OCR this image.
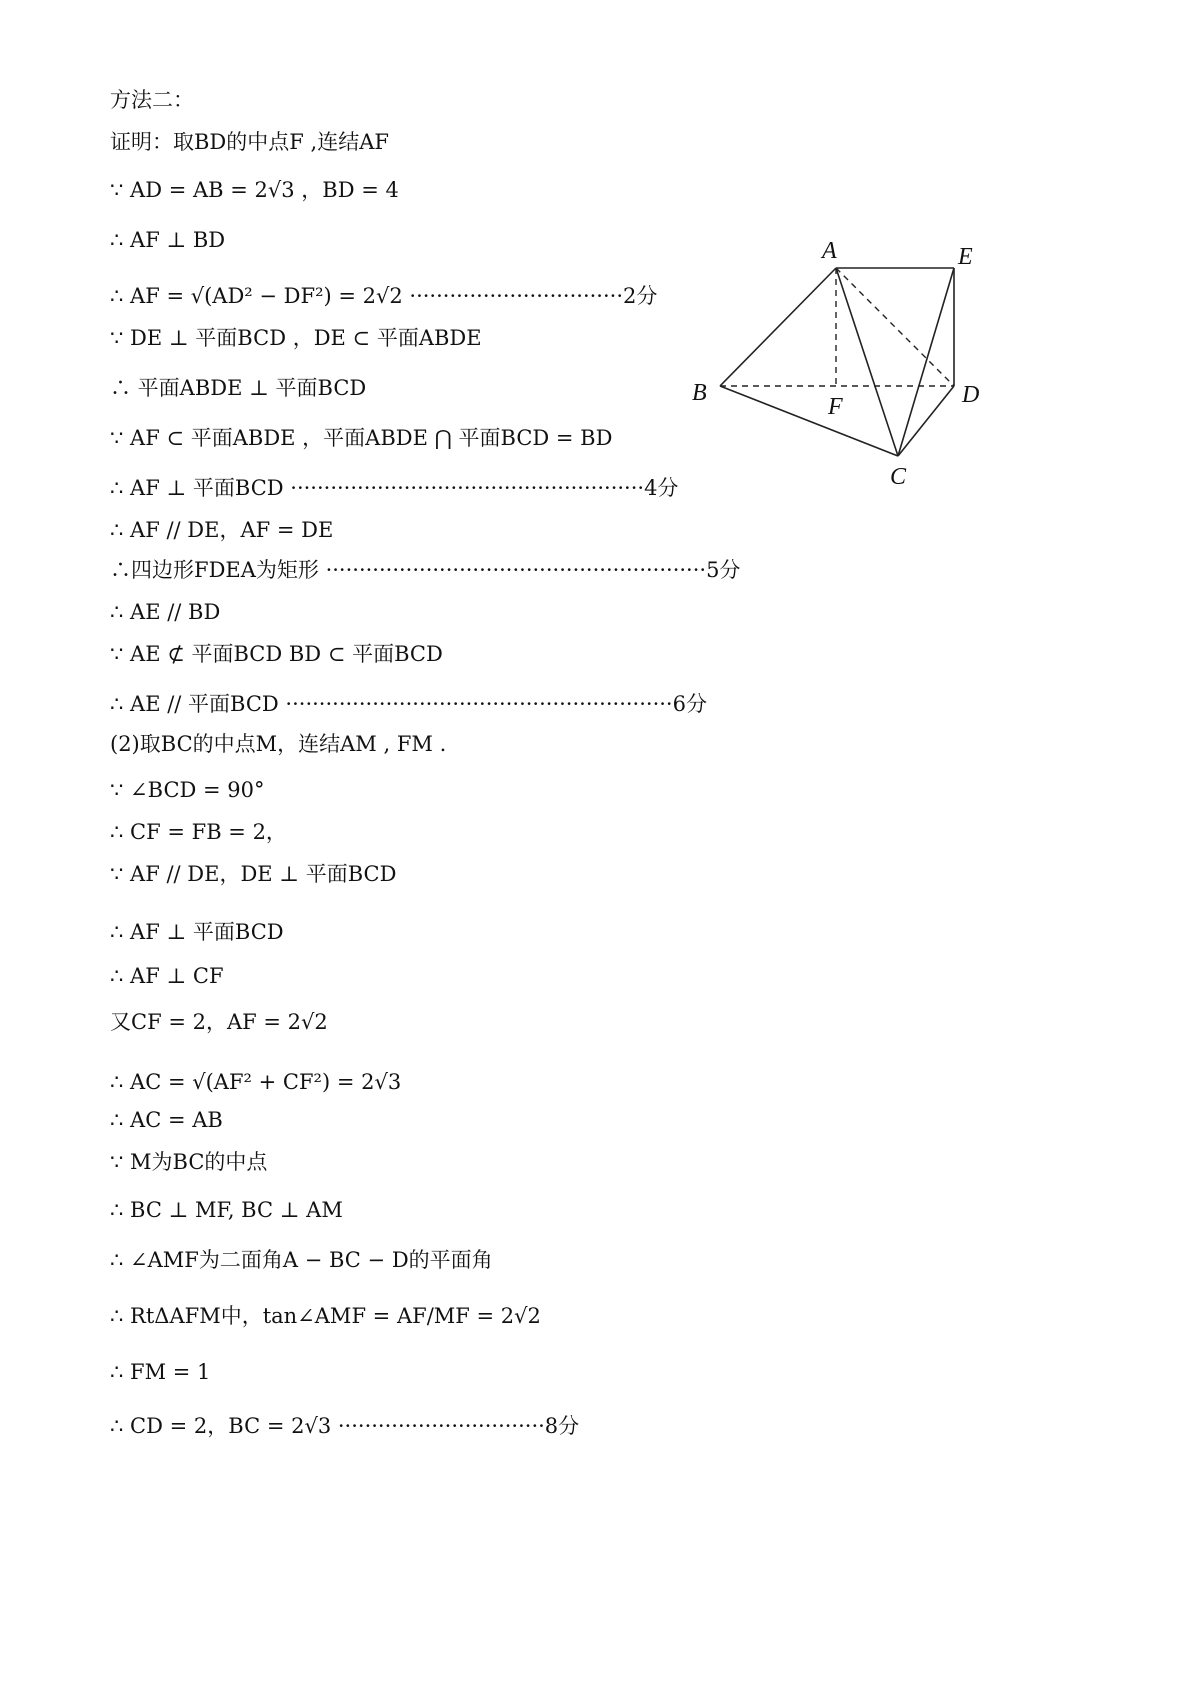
方法二：
证明：取BD的中点F ,连结AF
∵ AD = AB = 2√3 ，BD = 4
∴ AF ⊥ BD
∴ AF = √(AD² − DF²) = 2√2 ································2分
∵ DE ⊥ 平面BCD ，DE ⊂ 平面ABDE
∴ 平面ABDE ⊥ 平面BCD
∵ AF ⊂ 平面ABDE ，平面ABDE ⋂ 平面BCD = BD
∴ AF ⊥ 平面BCD ·····················································4分
∴ AF // DE，AF = DE
∴四边形FDEA为矩形 ·························································5分
∴ AE // BD
∵ AE ⊄ 平面BCD BD ⊂ 平面BCD
∴ AE // 平面BCD ··························································6分
(2)取BC的中点M，连结AM , FM .
∵ ∠BCD = 90°
∴ CF = FB = 2，
∵ AF // DE，DE ⊥ 平面BCD
∴ AF ⊥ 平面BCD
∴ AF ⊥ CF
又CF = 2，AF = 2√2
∴ AC = √(AF² + CF²) = 2√3
∴ AC = AB
∵ M为BC的中点
∴ BC ⊥ MF, BC ⊥ AM
∴ ∠AMF为二面角A − BC − D的平面角
∴ RtΔAFM中，tan∠AMF = AF/MF = 2√2
∴ FM = 1
∴ CD = 2，BC = 2√3 ·······························8分
A	E
B	D
F
C
